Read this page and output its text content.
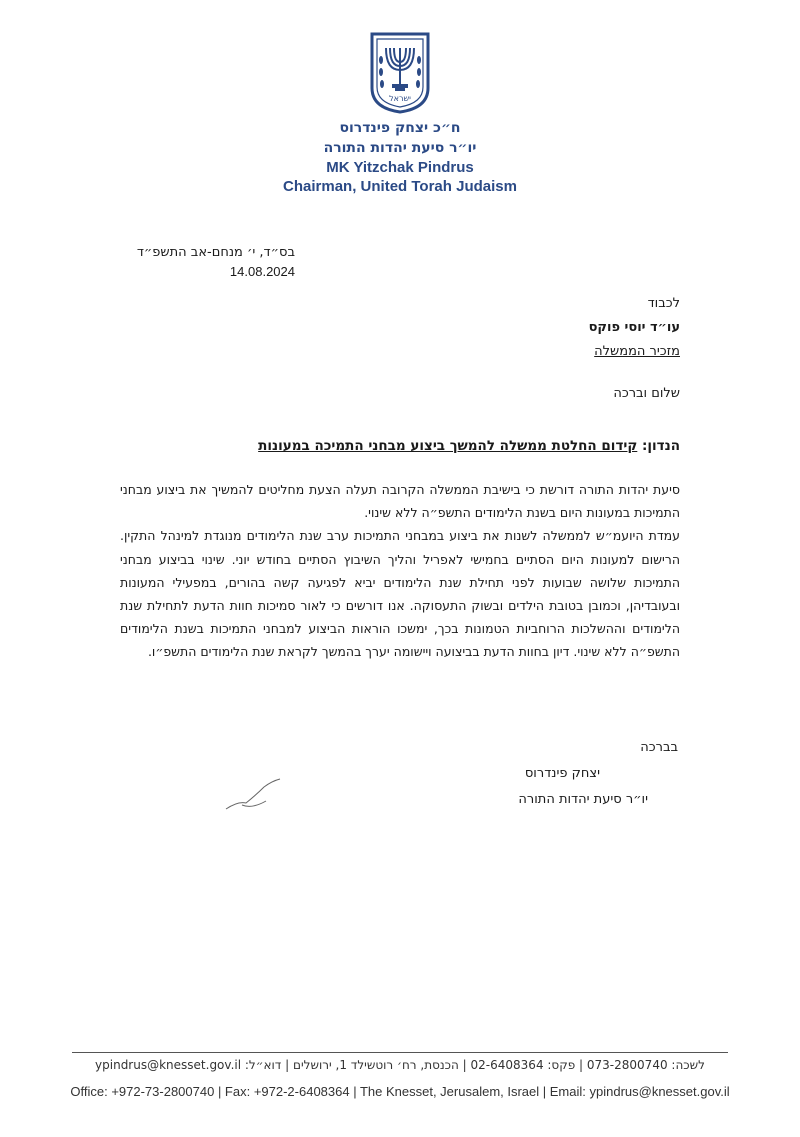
ישראל
ח״כ יצחק פינדרוס
יו״ר סיעת יהדות התורה
MK Yitzchak Pindrus
Chairman, United Torah Judaism
בס״ד, י׳ מנחם-אב התשפ״ד
14.08.2024
לכבוד
עו״ד יוסי פוקס
מזכיר הממשלה
שלום וברכה
הנדון: קידום החלטת ממשלה להמשך ביצוע מבחני התמיכה במעונות

סיעת יהדות התורה דורשת כי בישיבת הממשלה הקרובה תעלה הצעת מחליטים להמשיך את ביצוע מבחני התמיכות במעונות היום בשנת הלימודים התשפ״ה ללא שינוי.

עמדת היועמ״ש לממשלה לשנות את ביצוע במבחני התמיכות ערב שנת הלימודים מנוגדת למינהל התקין. הרישום למעונות היום הסתיים בחמישי לאפריל והליך השיבוץ הסתיים בחודש יוני. שינוי בביצוע מבחני התמיכות שלושה שבועות לפני תחילת שנת הלימודים יביא לפגיעה קשה בהורים, במפעילי המעונות ובעובדיהן, וכמובן בטובת הילדים ובשוק התעסוקה. אנו דורשים כי לאור סמיכות חוות הדעת לתחילת שנת הלימודים וההשלכות הרוחביות הטמונות בכך, ימשכו הוראות הביצוע למבחני התמיכות בשנת הלימודים התשפ״ה ללא שינוי. דיון בחוות הדעת בביצועה ויישומה יערך בהמשך לקראת שנת הלימודים התשפ״ו.

בברכה
יצחק פינדרוס
יו״ר סיעת יהדות התורה
לשכה: 073-2800740 | פקס: 02-6408364 | הכנסת, רח׳ רוטשילד 1, ירושלים | דוא״ל: ypindrus@knesset.gov.il
Office: +972-73-2800740 | Fax: +972-2-6408364 | The Knesset, Jerusalem, Israel | Email: ypindrus@knesset.gov.il
